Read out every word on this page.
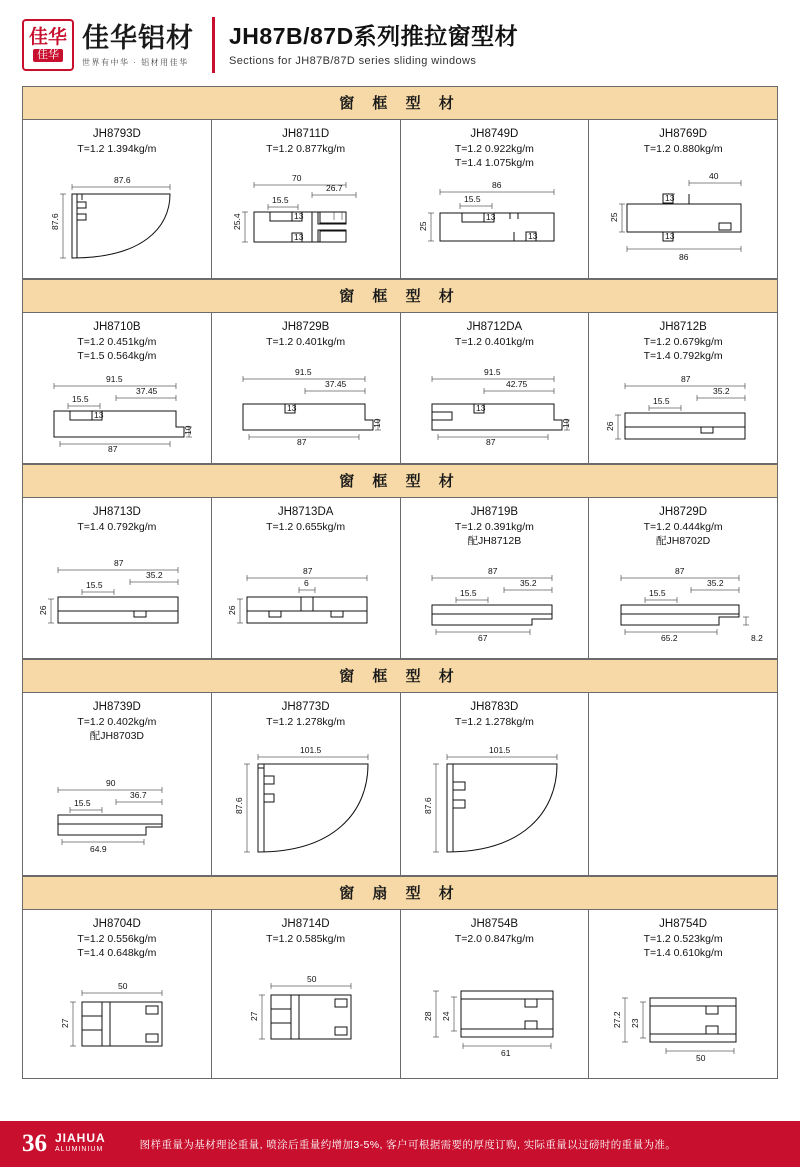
佳华
佳华
佳华铝材
世界有中华 · 铝材用佳华
JH87B/87D系列推拉窗型材
Sections for JH87B/87D series sliding windows
窗 框 型 材
JH8793D
T=1.2 1.394kg/m
87.6
87.6
JH8711D
T=1.2 0.877kg/m
70
26.7
15.5
25.4	13
13
JH8749D
T=1.2 0.922kg/m
T=1.4 1.075kg/m
86
15.5
25
13
13
JH8769D
T=1.2 0.880kg/m
40
13
25
13
86
窗 框 型 材
JH8710B
T=1.2 0.451kg/m
T=1.5 0.564kg/m
91.5
37.45
15.5
13
10
87
JH8729B
T=1.2 0.401kg/m
91.5
37.45
13
10
87
JH8712DA
T=1.2 0.401kg/m
91.5
42.75
13
10
87
JH8712B
T=1.2 0.679kg/m
T=1.4 0.792kg/m
87
35.2
15.5
26
窗 框 型 材
JH8713D
T=1.4 0.792kg/m
87
35.2
15.5
26
JH8713DA
T=1.2 0.655kg/m
87
6
26
JH8719B
T=1.2 0.391kg/m
配JH8712B
87
35.2
15.5
67
JH8729D
T=1.2 0.444kg/m
配JH8702D
87
35.2
15.5
65.2	8.2
窗 框 型 材
JH8739D
T=1.2 0.402kg/m
配JH8703D
90
36.7
15.5
64.9
JH8773D
T=1.2 1.278kg/m
101.5
87.6
JH8783D
T=1.2 1.278kg/m
101.5
87.6
窗 扇 型 材
JH8704D
T=1.2 0.556kg/m
T=1.4 0.648kg/m
50
27
JH8714D
T=1.2 0.585kg/m
50
27
JH8754B
T=2.0 0.847kg/m
28 24
61
JH8754D
T=1.2 0.523kg/m
T=1.4 0.610kg/m
27.2 23
50
36 JIAHUA
ALUMINIUM	图样重量为基材理论重量, 喷涂后重量约增加3-5%, 客户可根据需要的厚度订购, 实际重量以过磅时的重量为准。
